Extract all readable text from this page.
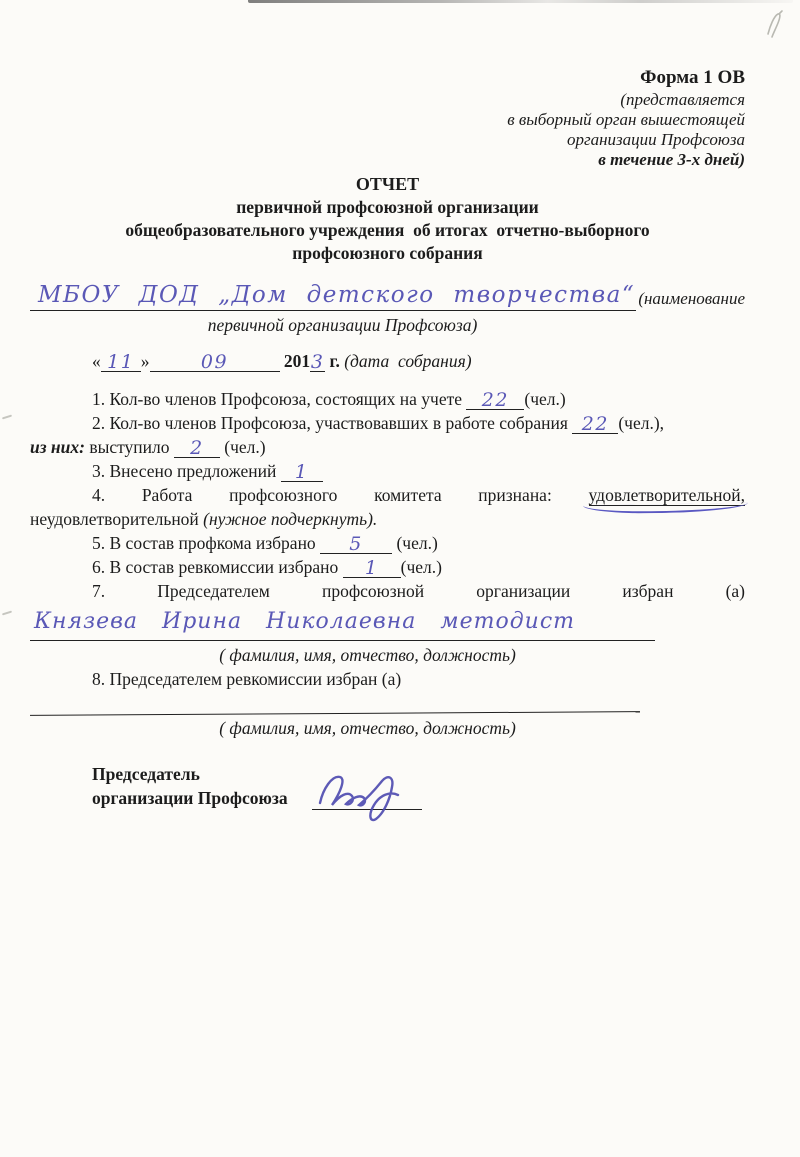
Форма 1 ОВ
(представляется
в выборный орган вышестоящей
организации Профсоюза
в течение 3-х дней)
ОТЧЕТ
первичной профсоюзной организации
общеобразовательного учреждения  об итогах  отчетно-выборного
профсоюзного собрания
МБОУ ДОД „Дом детского творчества“ (наименование
первичной организации Профсоюза)
« 11 »	09	2013 г. (дата  собрания)
1. Кол-во членов Профсоюза, состоящих на учете 22 (чел.)
2. Кол-во членов Профсоюза, участвовавших в работе собрания 22 (чел.),
из них: выступило 2 (чел.)
3. Внесено предложений 1
4. Работа профсоюзного комитета признана: удовлетворительной,
неудовлетворительной (нужное подчеркнуть).
5. В состав профкома избрано 5 (чел.)
6. В состав ревкомиссии избрано 1 (чел.)
7. Председателем профсоюзной организации избран (а)
Князева Ирина Николаевна методист
( фамилия, имя, отчество, должность)
8. Председателем ревкомиссии избран (а)
( фамилия, имя, отчество, должность)
Председатель
организации Профсоюза
